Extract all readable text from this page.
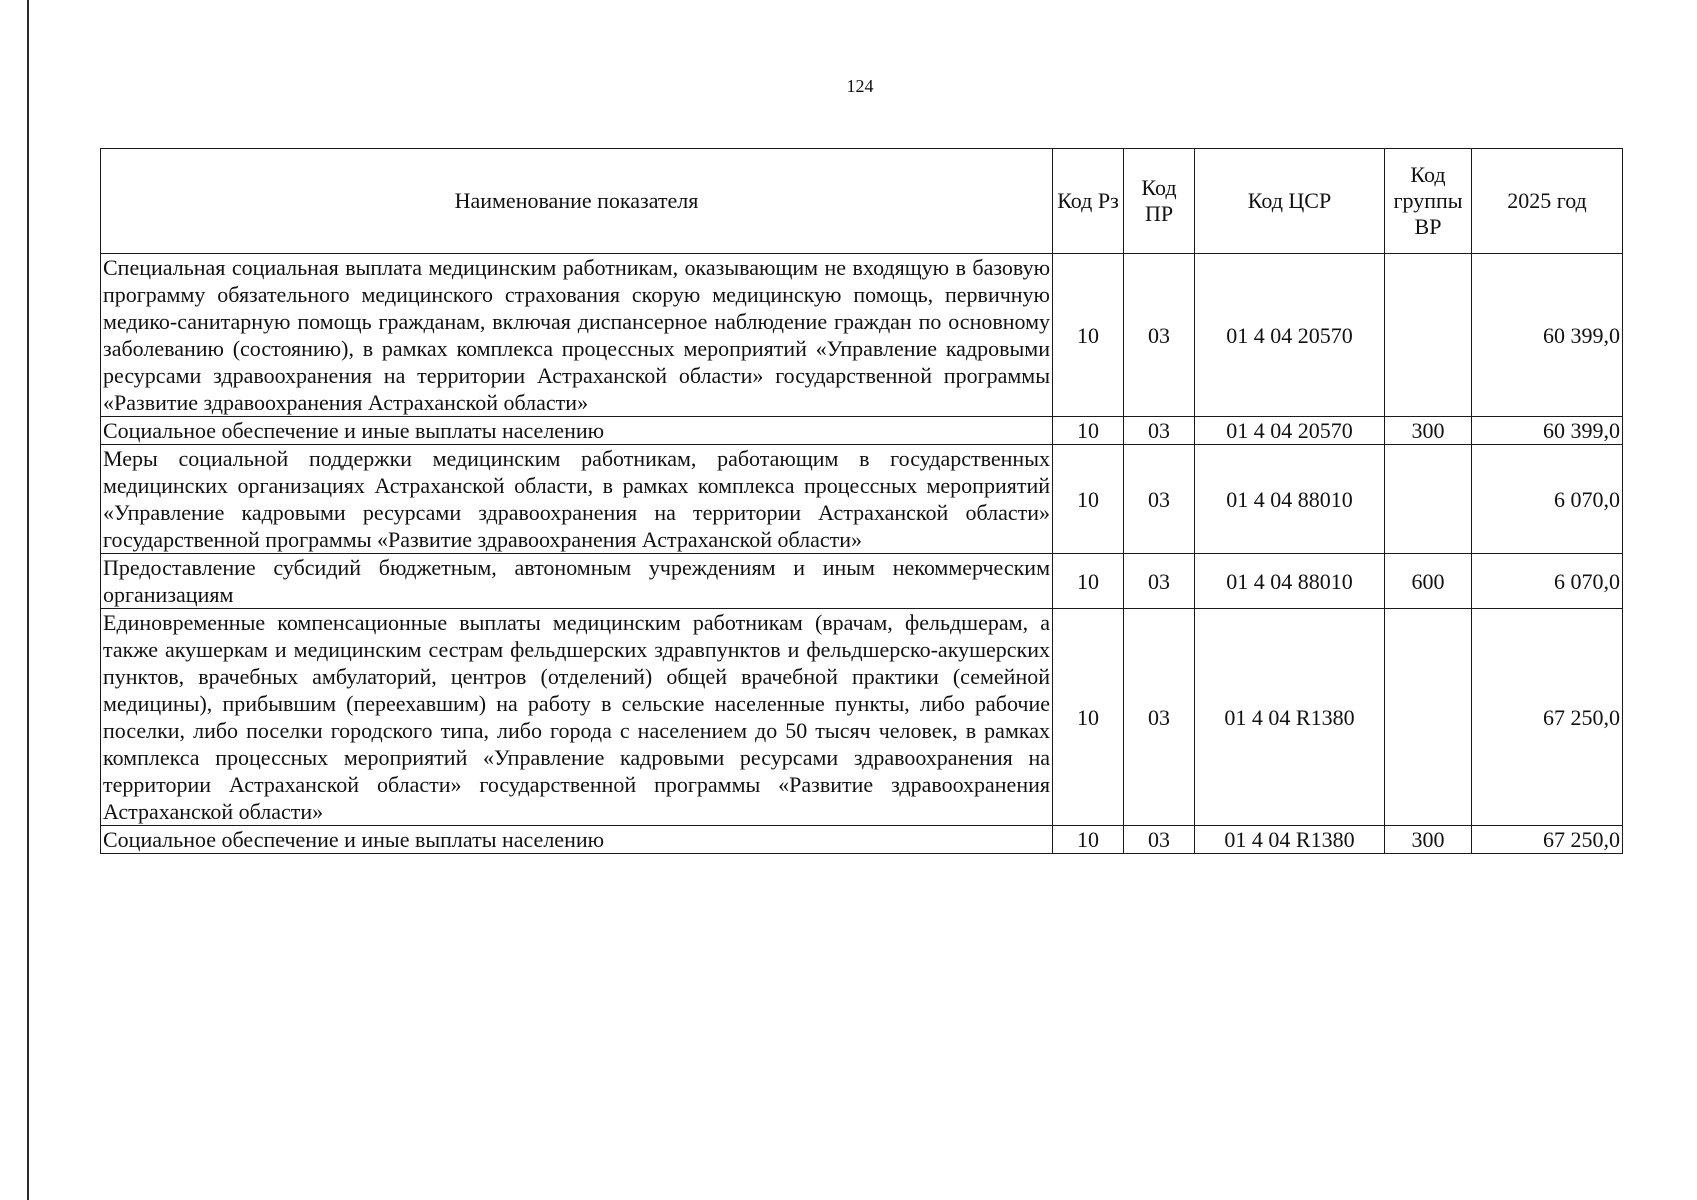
124
Наименование показателя	Код Рз	Код ПР	Код ЦСР	Код группы ВР	2025 год
Специальная социальная выплата медицинским работникам, оказывающим не входящую в базовую программу обязательного медицинского страхования скорую медицинскую помощь, первичную медико-санитарную помощь гражданам, включая диспансерное наблюдение граждан по основному заболеванию (состоянию), в рамках комплекса процессных мероприятий «Управление кадровыми ресурсами здравоохранения на территории Астраханской области» государственной программы «Развитие здравоохранения Астраханской области»	10	03	01 4 04 20570		60 399,0
Социальное обеспечение и иные выплаты населению	10	03	01 4 04 20570	300	60 399,0
Меры социальной поддержки медицинским работникам, работающим в государственных медицинских организациях Астраханской области, в рамках комплекса процессных мероприятий «Управление кадровыми ресурсами здравоохранения на территории Астраханской области» государственной программы «Развитие здравоохранения Астраханской области»	10	03	01 4 04 88010		6 070,0
Предоставление субсидий бюджетным, автономным учреждениям и иным некоммерческим организациям	10	03	01 4 04 88010	600	6 070,0
Единовременные компенсационные выплаты медицинским работникам (врачам, фельдшерам, а также акушеркам и медицинским сестрам фельдшерских здравпунктов и фельдшерско-акушерских пунктов, врачебных амбулаторий, центров (отделений) общей врачебной практики (семейной медицины), прибывшим (переехавшим) на работу в сельские населенные пункты, либо рабочие поселки, либо поселки городского типа, либо города с населением до 50 тысяч человек, в рамках комплекса процессных мероприятий «Управление кадровыми ресурсами здравоохранения на территории Астраханской области» государственной программы «Развитие здравоохранения Астраханской области»	10	03	01 4 04 R1380		67 250,0
Социальное обеспечение и иные выплаты населению	10	03	01 4 04 R1380	300	67 250,0
